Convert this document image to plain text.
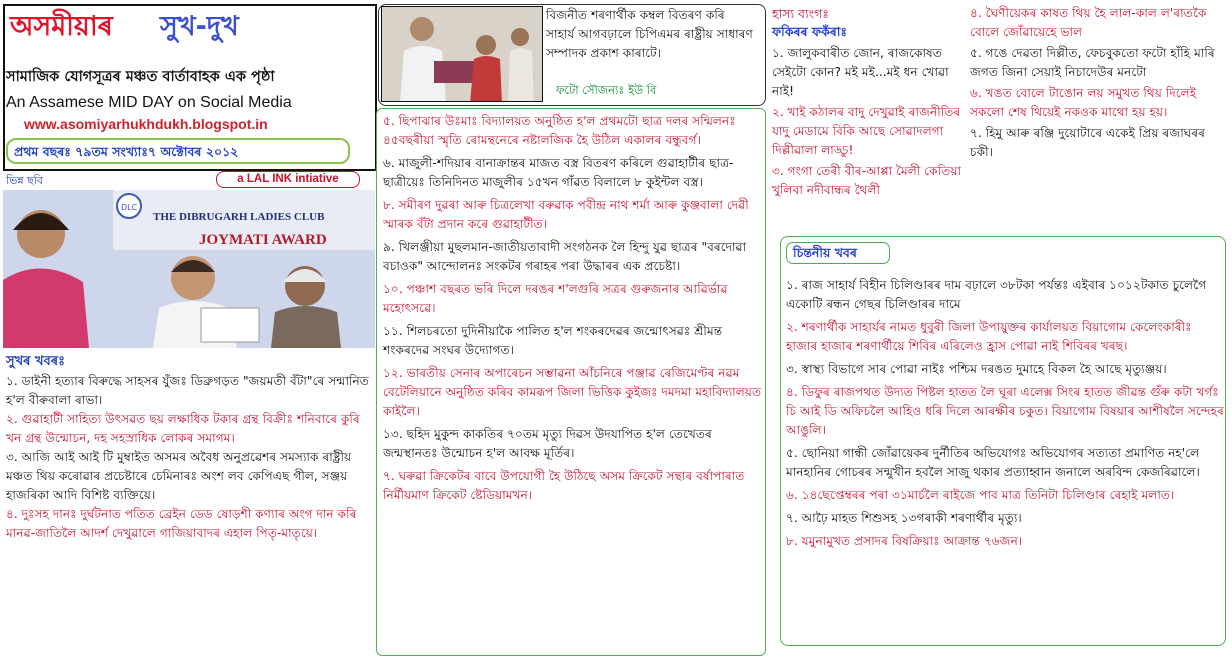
অসমীয়াৰ সুখ-দুখ
সামাজিক যোগসূত্ৰৰ মঞ্চত বাৰ্তাবাহক এক পৃষ্ঠা
An Assamese MID DAY on Social Media
www.asomiyarhukhdukh.blogspot.in
প্ৰথম বছৰঃ ৭৯তম সংখ্যাঃ৭ অক্টোবৰ ২০১২
ভিন্ন ছবি	a LAL INK intiative
DLC
THE DIBRUGARH LADIES CLUB
JOYMATI AWARD
সুখৰ খবৰঃ

১. ডাইনী হত্যাৰ বিৰুদ্ধে সাহসৰ যুঁজঃ ডিব্ৰুগড়ত "জয়মতী বঁটা"ৰে সন্মানিত হ'ল বীৰুবালা ৰাভা।

২. গুৱাহাটী সাহিত্য উৎসৱত ছয় লক্ষাধিক টকাৰ গ্ৰন্থ বিক্ৰীঃ শনিবাৰে কুৰি খন গ্ৰন্থ উন্মোচন, দহ সহস্ৰাধিক লোকৰ সমাগম।

৩. আজি আই আই টি মুম্বাইত অসমৰ অবৈধ অনুপ্ৰৱেশৰ সমস্যাক ৰাষ্ট্ৰীয় মঞ্চত থিয় কৰোৱাৰ প্ৰচেষ্টাৰে চেমিনাৰঃ অংশ লব কেপিএছ গীল, সঞ্জয় হাজৰিকা আদি বিশিষ্ট ব্যক্তিয়ে।

৪. দুঃসহ দানঃ দুৰ্ঘটনাত পতিত ব্ৰেইন ডেড ষোড়শী কণ্যাৰ অংগ দান কৰি মানৱ-জাতিলৈ আদৰ্শ দেখুৱালে গাজিয়াবাদৰ এহাল পিতৃ-মাতৃয়ে।

বিজনীত শৰণাৰ্থীক কম্বল বিতৰণ কৰি সাহাৰ্য আগবঢ়ালে চিপিএমৰ ৰাষ্ট্ৰীয় সাধাৰণ সম্পাদক প্ৰকাশ কাৰাটে।
ফটো সৌজন্যঃ ইউ বি

৫. ছিপাঝাৰ উঃমাঃ বিদ্যালয়ত অনুষ্ঠিত হ'ল প্ৰথমটো ছাত্ৰ দলৰ সন্মিলনঃ ৪৫বছৰীয়া স্মৃতি ৰোমন্থনেৰে নষ্টালজিক হৈ উঠিল একালৰ বন্ধুবৰ্গ।

৬. মাজুলী-শদিয়াৰ বানাক্ৰান্তৰ মাজত বস্ত্ৰ বিতৰণ কৰিলে গুৱাহাটীৰ ছাত্ৰ-ছাত্ৰীয়েঃ তিনিদিনত মাজুলীৰ ১৫খন গাঁৱত বিলালে ৮ কুইন্টল বস্ত্ৰ।

৮. সমীৰণ দুৱৰা আৰু চিত্ৰলেখা বৰুৱাক পবীন্দ্ৰ নাথ শৰ্মা আৰু কুঞ্জবালা দেৱী স্মাৰক বঁটা প্ৰদান কৰে গুৱাহাটীত।

৯. খিলঞ্জীয়া মুছলমান-জাতীয়তাবাদী সংগঠনক লৈ হিন্দু যুৱ ছাত্ৰৰ "বৰদোৱা বচাওক" আন্দোলনঃ সংকটৰ গৰাহৰ পৰা উদ্ধাৰৰ এক প্ৰচেষ্টা।

১০. পঞ্চাশ বছৰত ভৰি দিলে দৰঙৰ শ'লগুৰি সত্ৰৰ গুৰুজনাৰ আৱিৰ্ভাৱ মহোৎসৱে।

১১. শিলচৰতো দুদিনীয়াকৈ পালিত হ'ল শংকৰদেৱৰ জন্মোৎসৱঃ শ্ৰীমন্ত শংকৰদেৱ সংঘৰ উদ্যোগত।

১২. ভাৰতীয় সেনাৰ অপাৰেচন সম্ভাৱনা আঁচনিৰে পঞ্জাৱ ৰেজিমেণ্টৰ নৱম বেটেলিয়ানে অনুষ্ঠিত কৰিব কামৰূপ জিলা ভিত্তিক কুইজঃ দমদমা মহাবিদ্যালয়ত কাইলৈ।

১৩. ছহিদ মুকুন্দ কাকতিৰ ৭০তম মৃত্যু দিৱস উদযাপিত হ'ল তেখেতৰ জন্মস্থানতঃ উন্মোচন হ'ল আবক্ষ মূৰ্তিৰ।

৭. ঘৰুৱা ক্ৰিকেটৰ বাবে উপযোগী হৈ উঠিছে অসম ক্ৰিকেট সন্থাৰ বৰ্ষাপাৰাত নিৰ্মীয়মাণ ক্ৰিকেট ষ্টেডিয়ামখন।

হাস্য ব্যংগঃ
ফকিৰৰ ফকঁৰাঃ

১. জালুকবাৰীত জোন, ৰাজকোষত সেইটো কোন? মই মই...মই ধন খোৱা নাই!

২. খাই কঠালৰ বাদু দেখুৱাই ৰাজনীতিৰ যাদু মেডামে বিকি আছে সোৱাদলগা দিল্লীৱালা লাড্ডু!

৩. গংগা তেৰী বীৰ-আপ্পা মৈলী কেতিয়া খুলিবা নদীবান্ধৰ থৈলী

৪. ঘৈণীয়েকৰ কাষত থিয় হৈ লাল-কাল ল'ৰাতকৈ বোলে জোঁৱায়েহে ভাল

৫. গঙে দেৱতা দিল্লীত, ফেচবুকতো ফটো হাঁহি মাৰি জগত জিনা সেয়াই নিচাদেউৰ মনটো

৬. খঙত বোলে টাঙোন লয় সমুখত থিয় দিলেই সকলো শেষ থিয়েই নকওক মাথো হয় হয়।

৭. হিমু আৰু ৰঞ্জি দুয়োটাৰে একেই প্ৰিয় ৰজাঘৰৰ চকী।

চিন্তনীয় খবৰ

১. ৰাজ সাহাৰ্য বিহীন চিলিণ্ডাৰৰ দাম বঢ়ালে ৩৮টকা পৰ্যন্তঃ এইবাৰ ১০১২টকাত চুলেগৈ একোটি ৰন্ধন গেছৰ চিলিণ্ডাৰৰ দামে

২. শৰণাৰ্থীক সাহাৰ্যৰ নামত ধুবুৰী জিলা উপায়ুক্তৰ কাৰ্যালয়ত বিয়াগোম কেলেংকাৰীঃ হাজাৰ হাজাৰ শৰণাৰ্থীয়ে শিবিৰ এৰিলেও হ্ৰাস পোৱা নাই শিবিৰৰ খৰছ।

৩. স্বাস্থ্য বিভাগে সাৰ পোৱা নাইঃ পশ্চিম দৰঙত দুমাহে বিকল হৈ আছে মৃত্যুঞ্জয়।

৪. ডিফুৰ ৰাজপথত উদ্যত পিষ্টল হাতত লৈ ঘূৰা এলেক্স সিংৰ হাতত জীৱন্ত গুঁৰু কটা খৰ্গঃ চি আই ডি অফিচলৈ আহিও ধৰি দিলে আৰক্ষীৰ চকুত। বিয়াগোম বিষয়াৰ আশীষলৈ সন্দেহৰ আঙুলি।

৫. ছোনিয়া গান্ধী জোঁৱায়েকৰ দুৰ্নীতিৰ অভিযোগঃ অভিযোগৰ সত্যতা প্ৰমাণিত নহ'লে মানহানিৰ গোচৰৰ সন্মুখীন হবলৈ সাজু থকাৰ প্ৰত্যাহ্বান জনালে অৰবিন্দ কেজৰিৱালে।

৬. ১৪ছেপ্তেম্বৰৰ পৰা ৩১মাৰ্চলৈ ৰাইজে পাব মাত্ৰ তিনিটা চিলিণ্ডাৰ ৰেহাই মলাত।

৭. আঢ়ৈ মাহত শিশুসহ ১৩গৰাকী শৰণাৰ্থীৰ মৃত্যু।

৮. যমুনামুখত প্ৰসাদৰ বিষক্ৰিয়াঃ আক্ৰান্ত ৭৬জন।
